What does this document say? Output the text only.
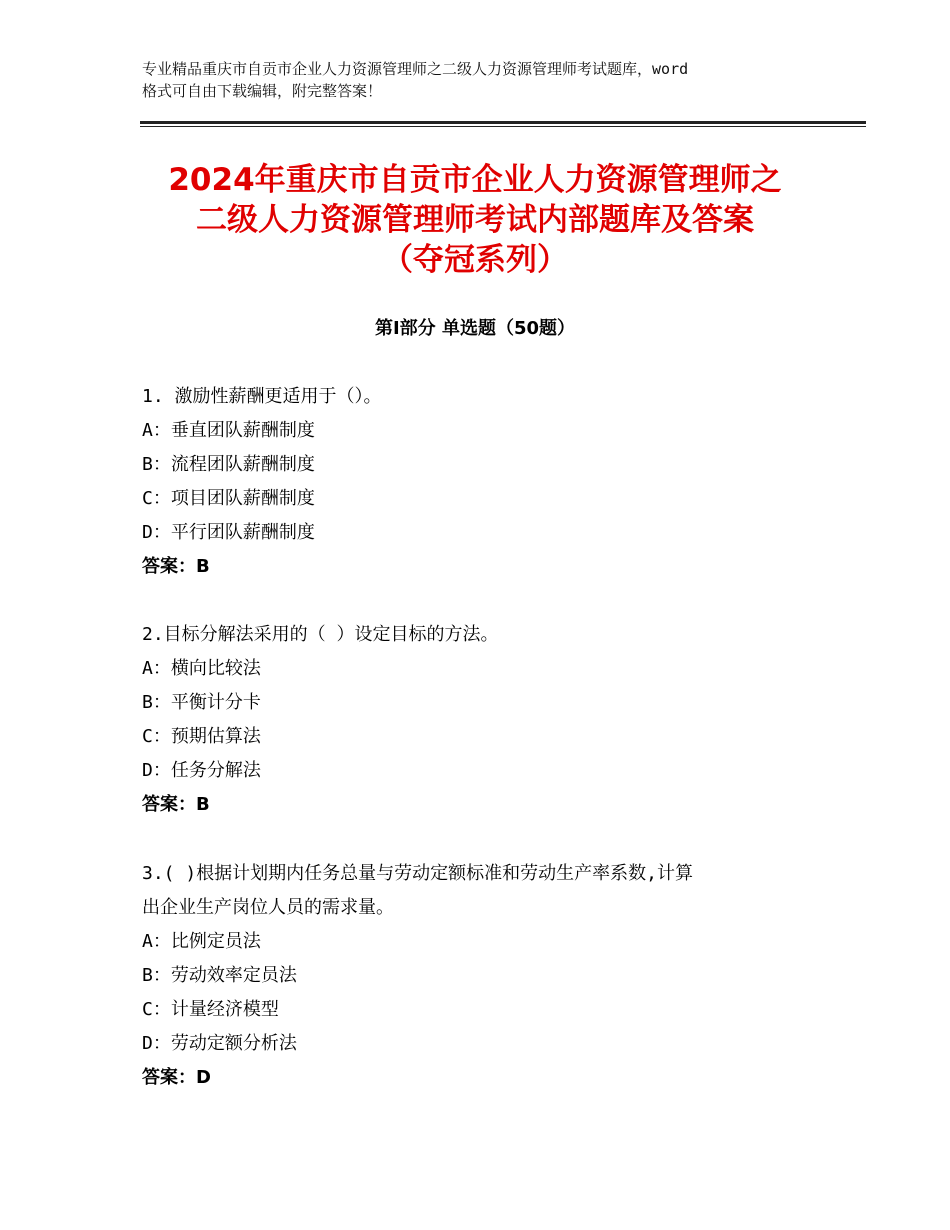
专业精品重庆市自贡市企业人力资源管理师之二级人力资源管理师考试题库，word
格式可自由下载编辑，附完整答案！
2024年重庆市自贡市企业人力资源管理师之
二级人力资源管理师考试内部题库及答案
（夺冠系列）
第Ⅰ部分 单选题（50题）
1. 激励性薪酬更适用于（）。
A：垂直团队薪酬制度
B：流程团队薪酬制度
C：项目团队薪酬制度
D：平行团队薪酬制度
答案：B
2.目标分解法采用的（ ）设定目标的方法。
A：横向比较法
B：平衡计分卡
C：预期估算法
D：任务分解法
答案：B
3.( )根据计划期内任务总量与劳动定额标准和劳动生产率系数,计算
出企业生产岗位人员的需求量。
A：比例定员法
B：劳动效率定员法
C：计量经济模型
D：劳动定额分析法
答案：D
